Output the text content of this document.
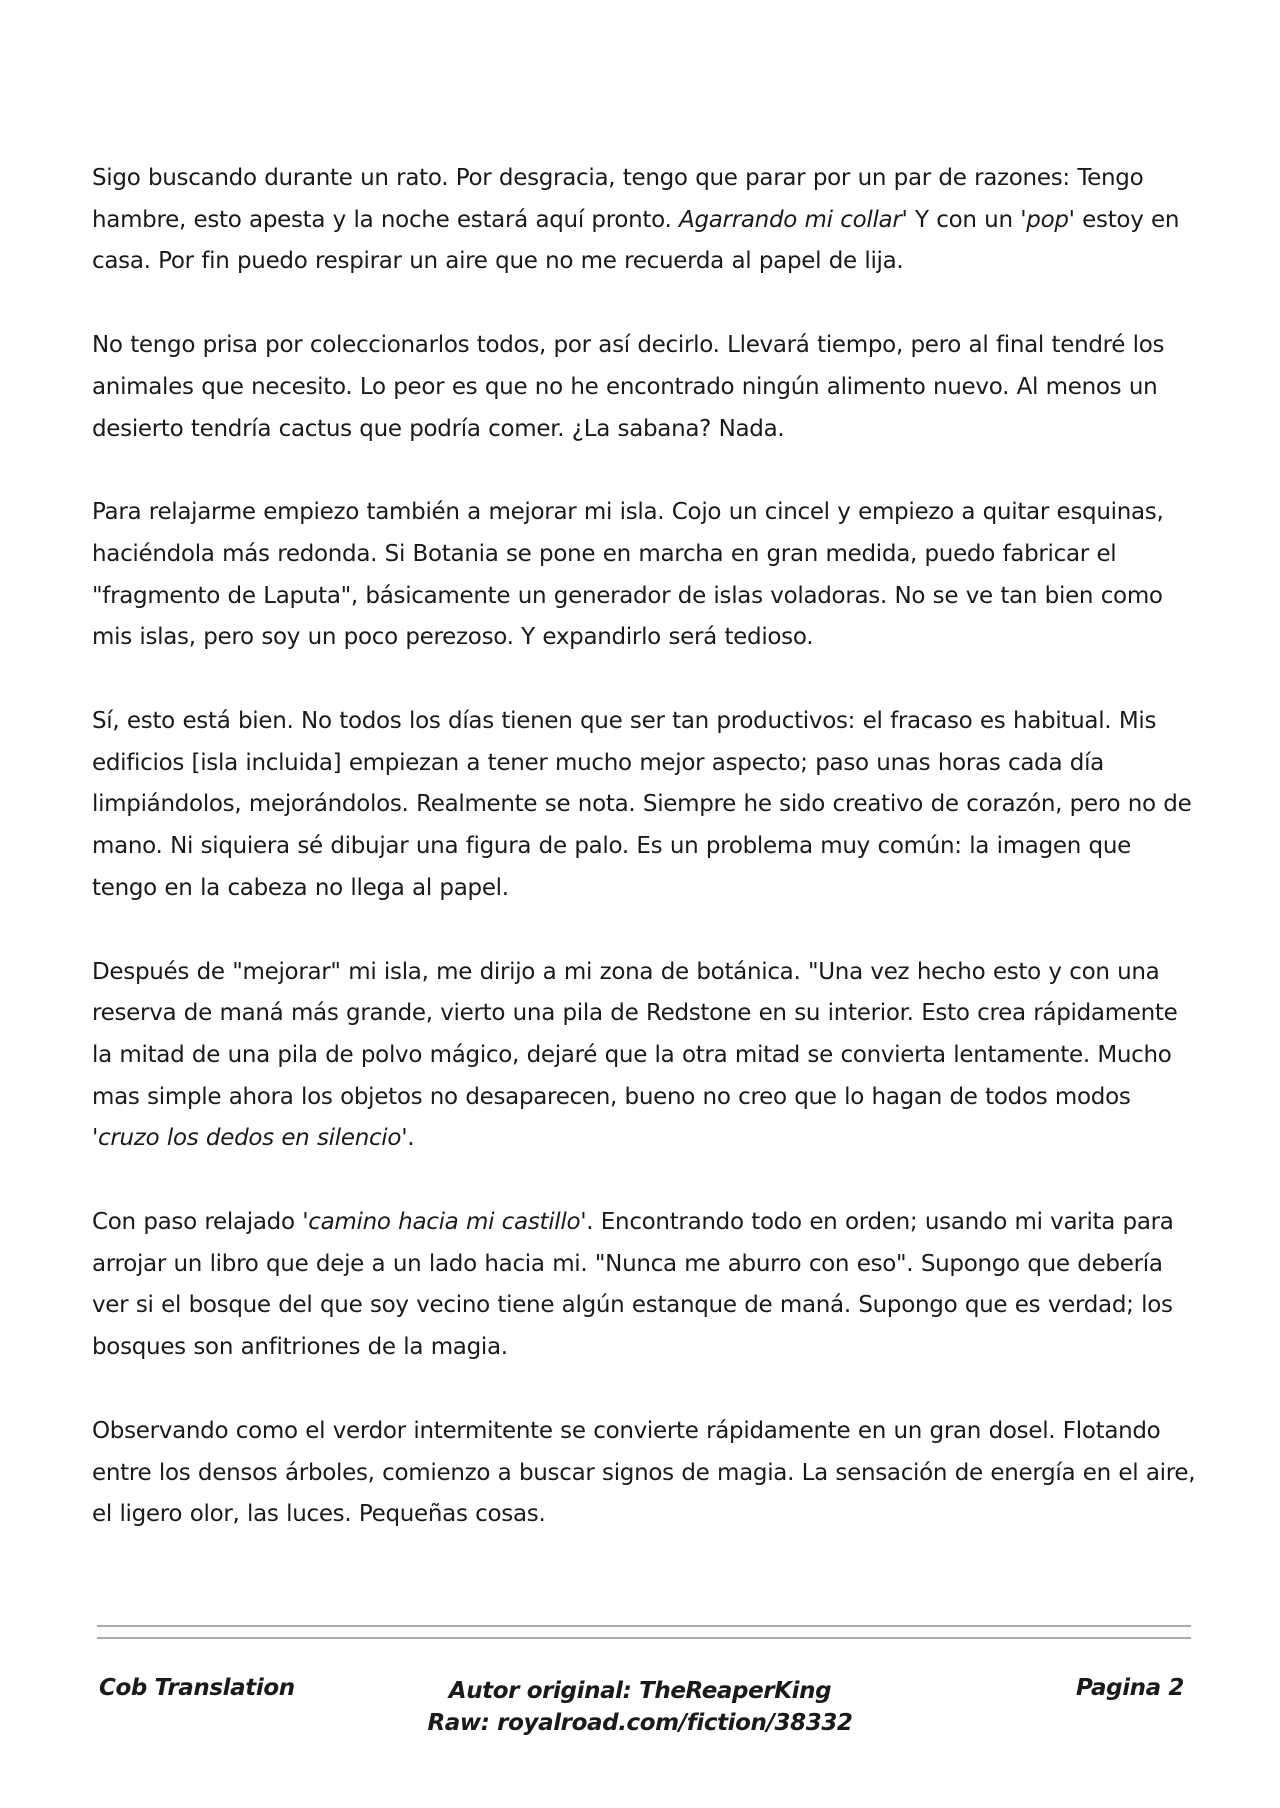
Sigo buscando durante un rato. Por desgracia, tengo que parar por un par de razones: Tengo hambre, esto apesta y la noche estará aquí pronto. Agarrando mi collar' Y con un 'pop' estoy en casa. Por fin puedo respirar un aire que no me recuerda al papel de lija.

No tengo prisa por coleccionarlos todos, por así decirlo. Llevará tiempo, pero al final tendré los animales que necesito. Lo peor es que no he encontrado ningún alimento nuevo. Al menos un desierto tendría cactus que podría comer. ¿La sabana? Nada.

Para relajarme empiezo también a mejorar mi isla. Cojo un cincel y empiezo a quitar esquinas, haciéndola más redonda. Si Botania se pone en marcha en gran medida, puedo fabricar el "fragmento de Laputa", básicamente un generador de islas voladoras. No se ve tan bien como mis islas, pero soy un poco perezoso. Y expandirlo será tedioso.

Sí, esto está bien. No todos los días tienen que ser tan productivos: el fracaso es habitual. Mis edificios [isla incluida] empiezan a tener mucho mejor aspecto; paso unas horas cada día limpiándolos, mejorándolos. Realmente se nota. Siempre he sido creativo de corazón, pero no de mano. Ni siquiera sé dibujar una figura de palo. Es un problema muy común: la imagen que tengo en la cabeza no llega al papel.

Después de "mejorar" mi isla, me dirijo a mi zona de botánica. "Una vez hecho esto y con una reserva de maná más grande, vierto una pila de Redstone en su interior. Esto crea rápidamente la mitad de una pila de polvo mágico, dejaré que la otra mitad se convierta lentamente. Mucho mas simple ahora los objetos no desaparecen, bueno no creo que lo hagan de todos modos 'cruzo los dedos en silencio'.

Con paso relajado 'camino hacia mi castillo'. Encontrando todo en orden; usando mi varita para arrojar un libro que deje a un lado hacia mi. "Nunca me aburro con eso". Supongo que debería ver si el bosque del que soy vecino tiene algún estanque de maná. Supongo que es verdad; los bosques son anfitriones de la magia.

Observando como el verdor intermitente se convierte rápidamente en un gran dosel. Flotando entre los densos árboles, comienzo a buscar signos de magia. La sensación de energía en el aire, el ligero olor, las luces. Pequeñas cosas.

Cob Translation	Autor original: TheReaperKing
Raw: royalroad.com/fiction/38332
Pagina 2
